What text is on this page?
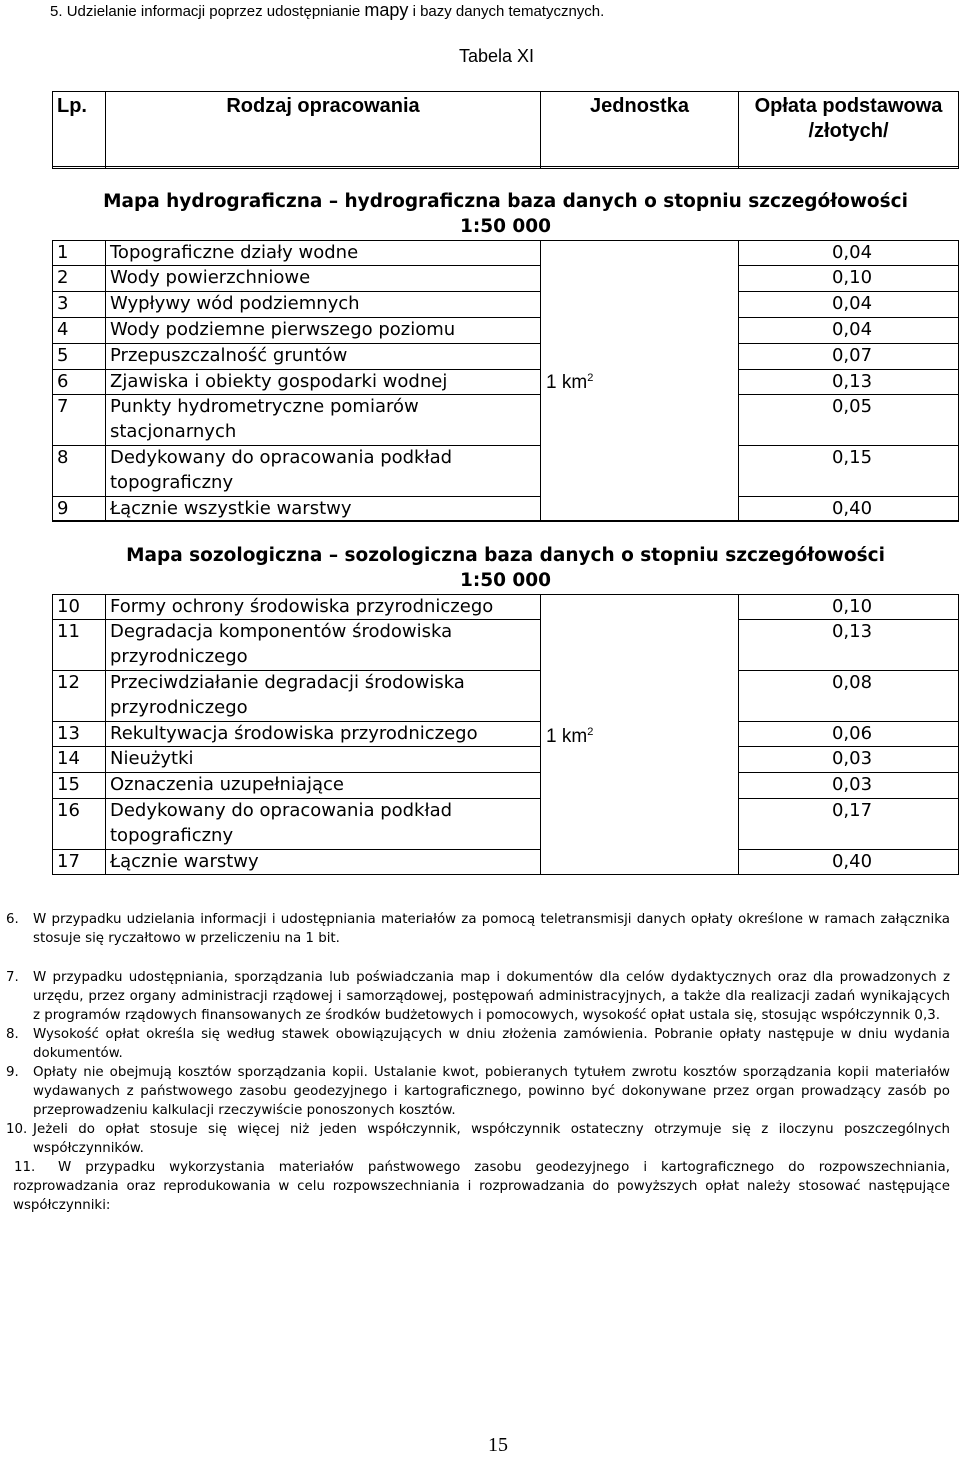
5. Udzielanie informacji poprzez udostępnianie mapy i bazy danych tematycznych.
Tabela XI
Lp.	Rodzaj opracowania	Jednostka	Opłata podstawowa /złotych/
Mapa hydrograficzna – hydrograficzna baza danych o stopniu szczegółowości
1:50 000			

1	Topograficzne działy wodne	1 $km^2$	0,04
2	Wody powierzchniowe		0,10
3	Wypływy wód podziemnych		0,04
4	Wody podziemne pierwszego poziomu		0,04
5	Przepuszczalność gruntów		0,07
6	Zjawiska i obiekty gospodarki wodnej		0,13
7	Punkty hydrometryczne pomiarów stacjonarnych		0,05
8	Dedykowany do opracowania podkład topograficzny		0,15
9	Łącznie wszystkie warstwy		0,40
Mapa sozologiczna – sozologiczna baza danych o stopniu szczegółowości
1:50 000			

10	Formy ochrony środowiska przyrodniczego	1 $km^2$	0,10
11	Degradacja komponentów środowiska przyrodniczego		0,13
12	Przeciwdziałanie degradacji środowiska przyrodniczego		0,08
13	Rekultywacja środowiska przyrodniczego		0,06
14	Nieużytki		0,03
15	Oznaczenia uzupełniające		0,03
16	Dedykowany do opracowania podkład topograficzny		0,17
17	Łącznie warstwy		0,40
6. W przypadku udzielania informacji i udostępniania materiałów za pomocą teletransmisji danych opłaty określone w ramach załącznika stosuje się ryczałtowo w przeliczeniu na 1 bit.
7. W przypadku udostępniania, sporządzania lub poświadczania map i dokumentów dla celów dydaktycznych oraz dla prowadzonych z urzędu, przez organy administracji rządowej i samorządowej, postępowań administracyjnych, a także dla realizacji zadań wynikających z programów rządowych finansowanych ze środków budżetowych i pomocowych, wysokość opłat ustala się, stosując współczynnik 0,3.
8. Wysokość opłat określa się według stawek obowiązujących w dniu złożenia zamówienia. Pobranie opłaty następuje w dniu wydania dokumentów.
9. Opłaty nie obejmują kosztów sporządzania kopii. Ustalanie kwot, pobieranych tytułem zwrotu kosztów sporządzania kopii materiałów wydawanych z państwowego zasobu geodezyjnego i kartograficznego, powinno być dokonywane przez organ prowadzący zasób po przeprowadzeniu kalkulacji rzeczywiście ponoszonych kosztów.
10. Jeżeli do opłat stosuje się więcej niż jeden współczynnik, współczynnik ostateczny otrzymuje się z iloczynu poszczególnych współczynników.
11.	W przypadku wykorzystania materiałów państwowego zasobu geodezyjnego i kartograficznego do rozpowszechniania, rozprowadzania oraz reprodukowania w celu rozpowszechniania i rozprowadzania do powyższych opłat należy stosować następujące współczynniki:
15
